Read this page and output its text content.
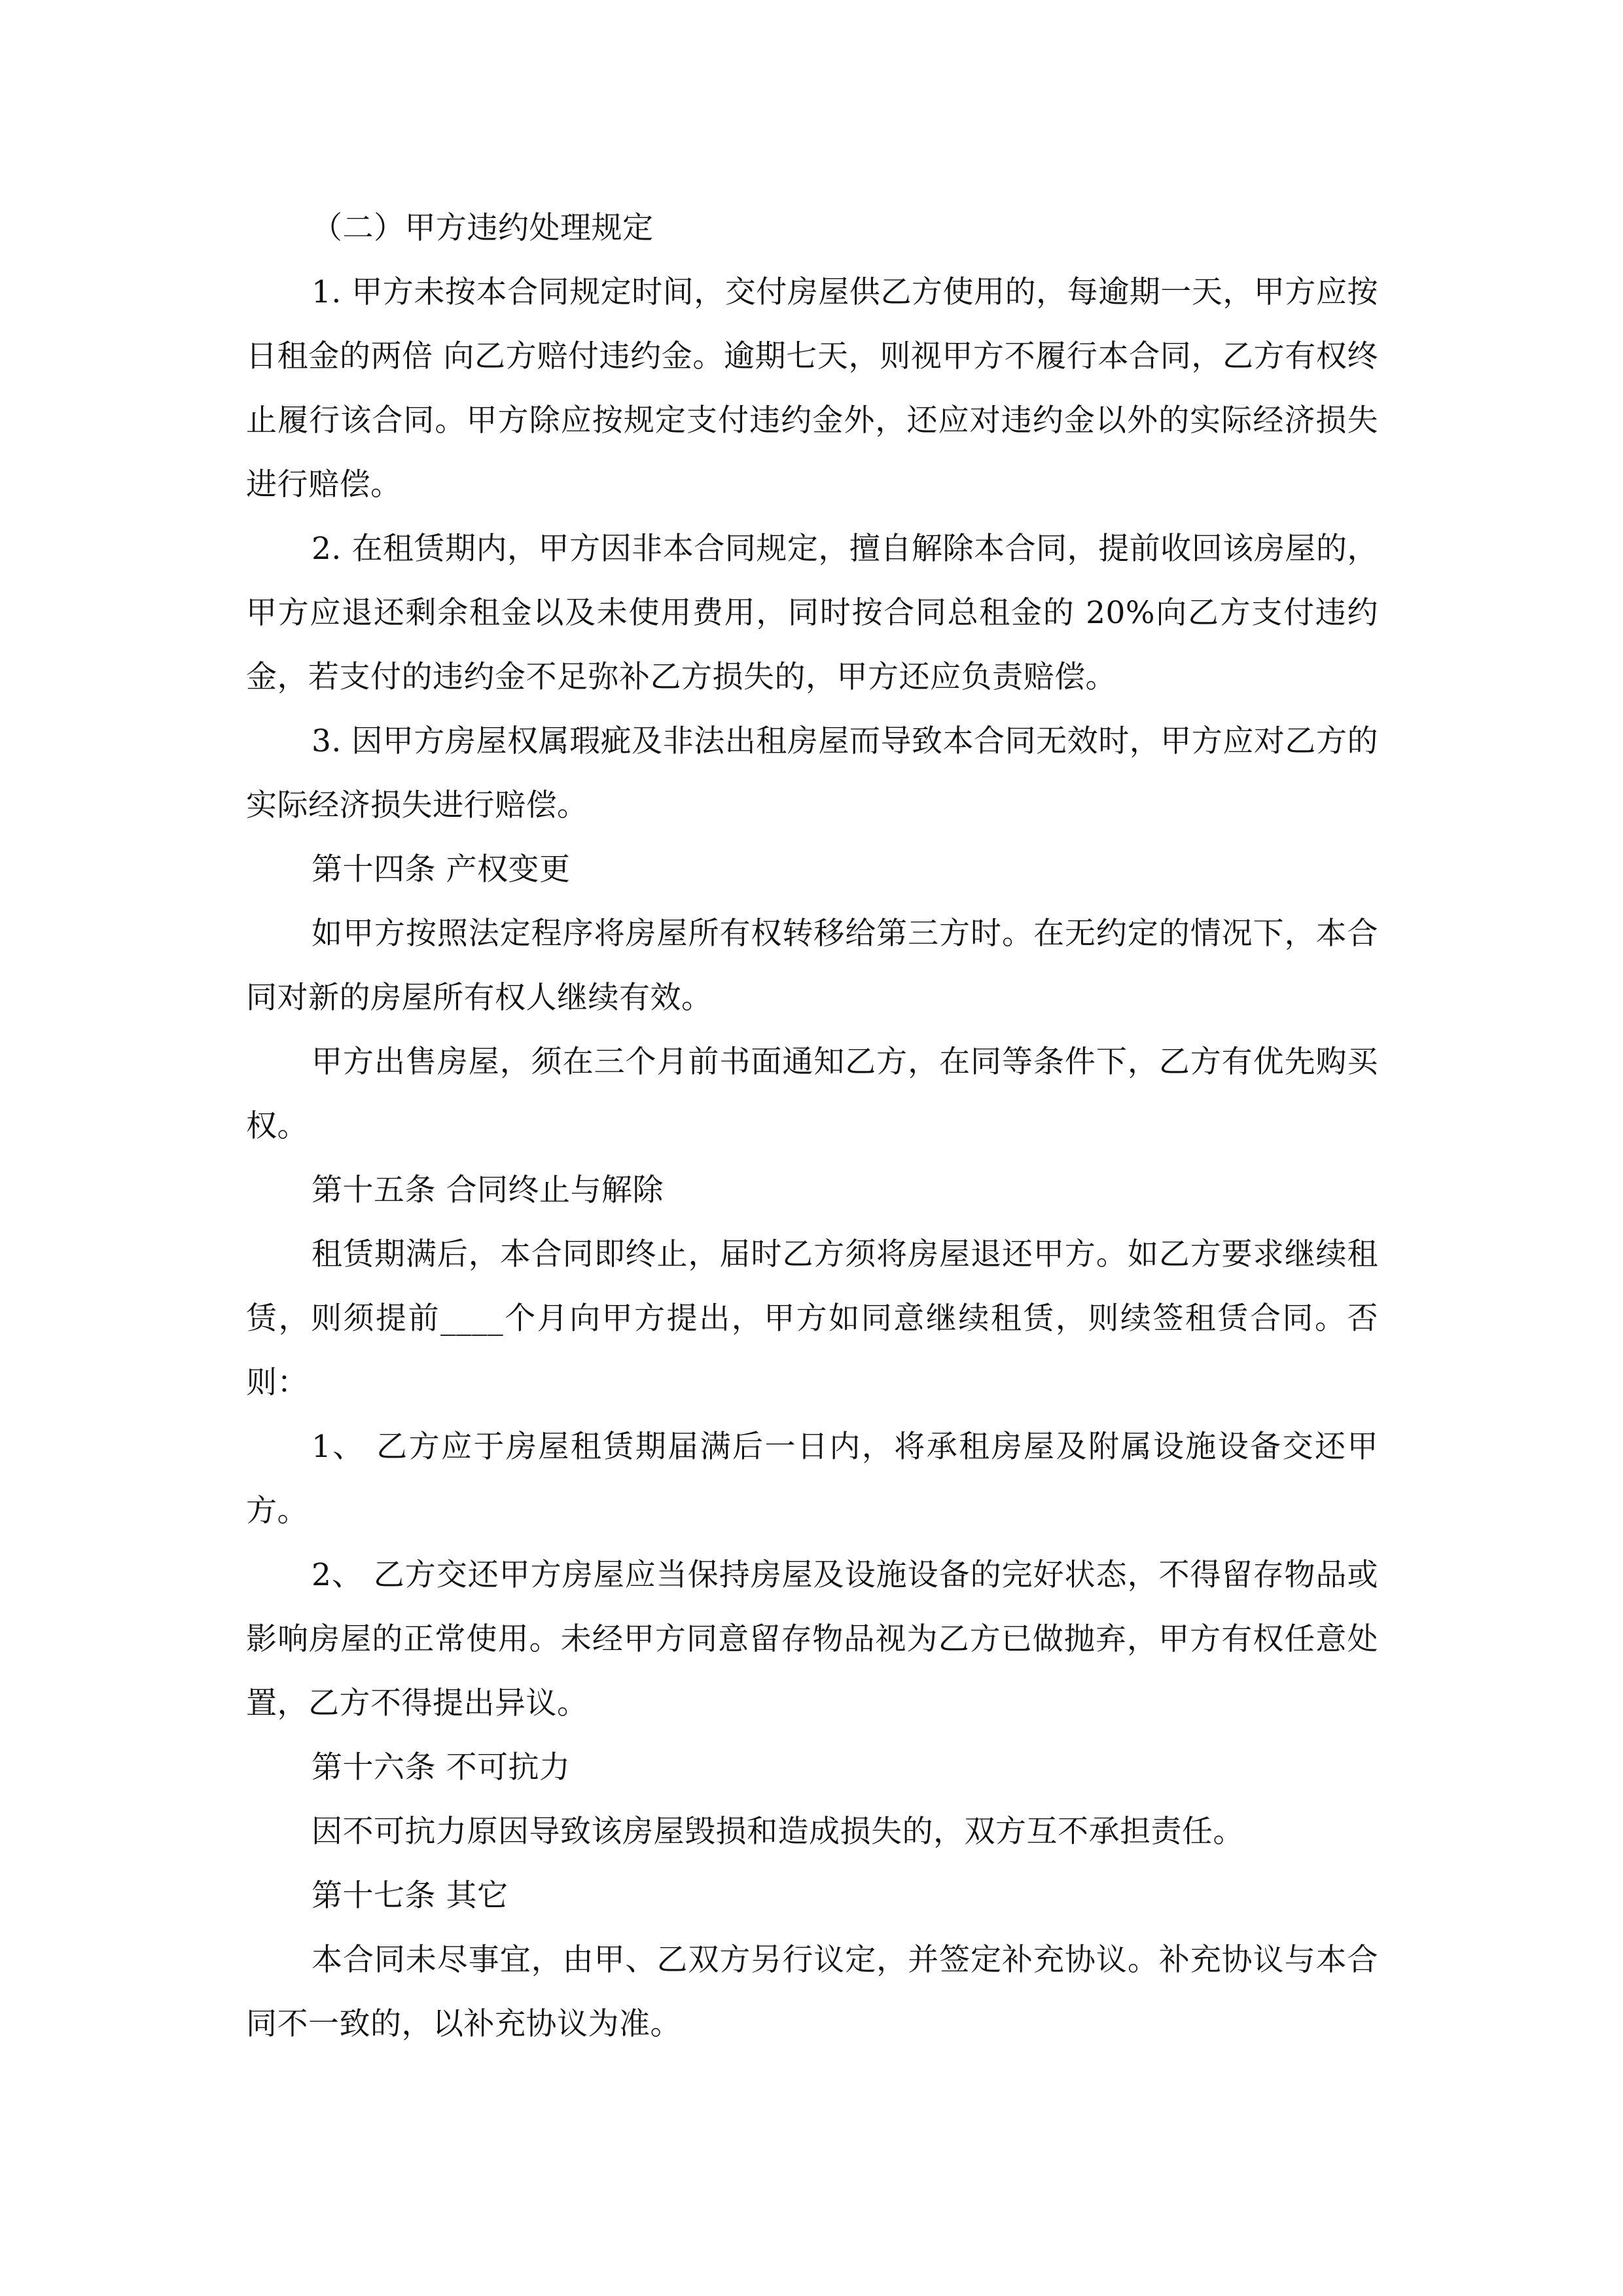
（二）甲方违约处理规定

1. 甲方未按本合同规定时间，交付房屋供乙方使用的，每逾期一天，甲方应按日租金的两倍 向乙方赔付违约金。逾期七天，则视甲方不履行本合同，乙方有权终止履行该合同。甲方除应按规定支付违约金外，还应对违约金以外的实际经济损失进行赔偿。

2. 在租赁期内，甲方因非本合同规定，擅自解除本合同，提前收回该房屋的，甲方应退还剩余租金以及未使用费用，同时按合同总租金的 20%向乙方支付违约金，若支付的违约金不足弥补乙方损失的，甲方还应负责赔偿。

3. 因甲方房屋权属瑕疵及非法出租房屋而导致本合同无效时，甲方应对乙方的实际经济损失进行赔偿。

第十四条 产权变更

如甲方按照法定程序将房屋所有权转移给第三方时。在无约定的情况下，本合同对新的房屋所有权人继续有效。

甲方出售房屋，须在三个月前书面通知乙方，在同等条件下，乙方有优先购买权。

第十五条 合同终止与解除

租赁期满后，本合同即终止，届时乙方须将房屋退还甲方。如乙方要求继续租赁，则须提前____个月向甲方提出，甲方如同意继续租赁，则续签租赁合同。否则：

1、 乙方应于房屋租赁期届满后一日内，将承租房屋及附属设施设备交还甲方。

2、 乙方交还甲方房屋应当保持房屋及设施设备的完好状态，不得留存物品或影响房屋的正常使用。未经甲方同意留存物品视为乙方已做抛弃，甲方有权任意处置，乙方不得提出异议。

第十六条 不可抗力

因不可抗力原因导致该房屋毁损和造成损失的，双方互不承担责任。

第十七条 其它

本合同未尽事宜，由甲、乙双方另行议定，并签定补充协议。补充协议与本合同不一致的，以补充协议为准。
